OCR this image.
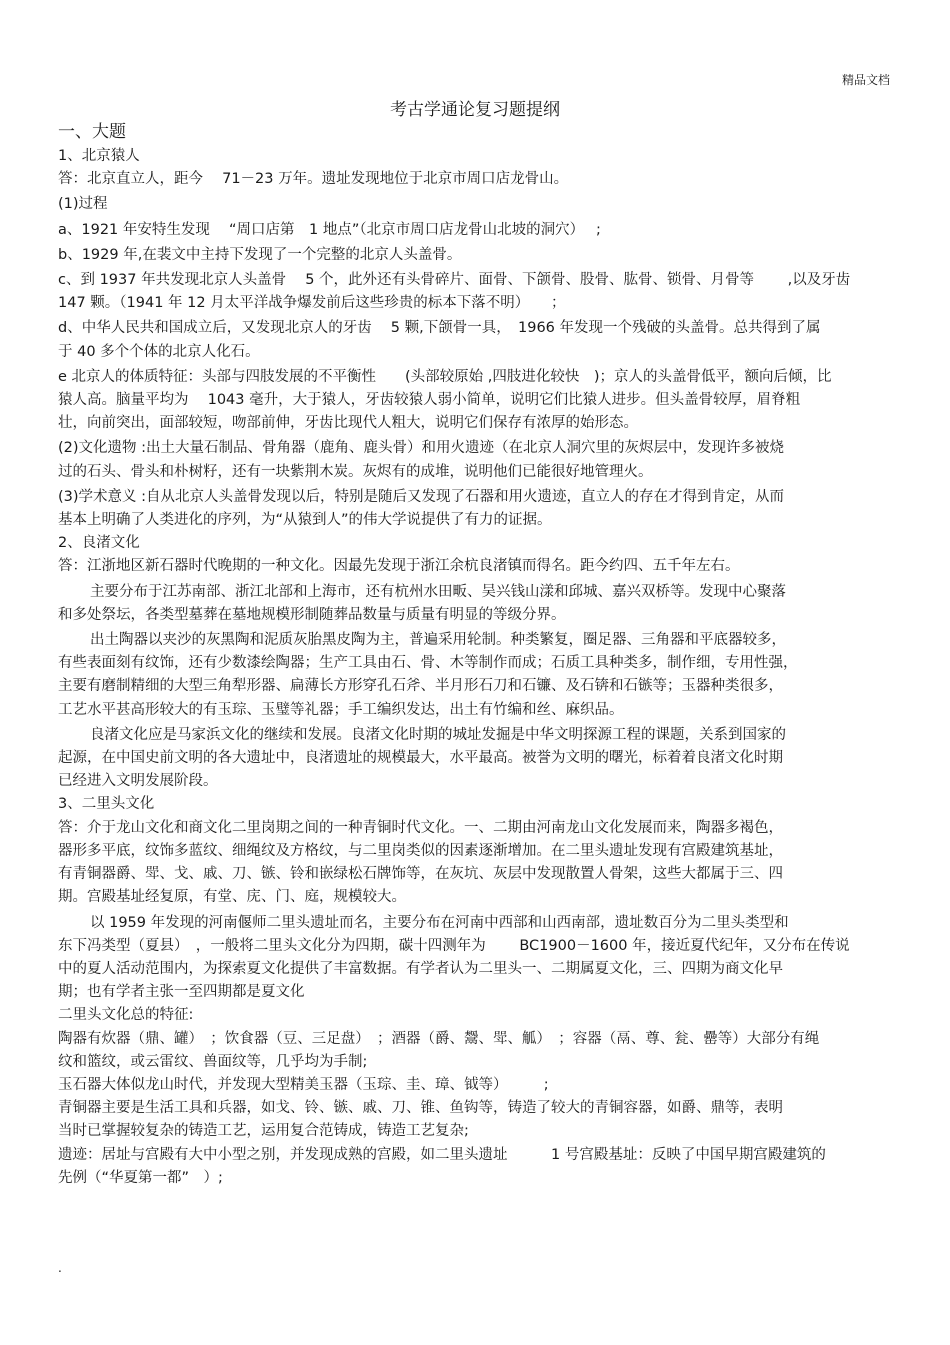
精品文档
考古学通论复习题提纲
一、大题
1、北京猿人
答：北京直立人，距今　 71－23 万年。遗址发现地位于北京市周口店龙骨山。
(1)过程
a、1921 年安特生发现　 “周口店第　1 地点”（北京市周口店龙骨山北坡的洞穴）　 ;
b、1929 年,在裴文中主持下发现了一个完整的北京人头盖骨。
c、到 1937 年共发现北京人头盖骨　 5 个，此外还有头骨碎片、面骨、下颌骨、股骨、肱骨、锁骨、月骨等　　 ,以及牙齿
147 颗。（1941 年 12 月太平洋战争爆发前后这些珍贵的标本下落不明）　　；
d、中华人民共和国成立后，又发现北京人的牙齿　 5 颗,下颌骨一具，　1966 年发现一个残破的头盖骨。总共得到了属
于 40 多个个体的北京人化石。
e 北京人的体质特征：头部与四肢发展的不平衡性　　(头部较原始 ,四肢进化较快　)；京人的头盖骨低平，额向后倾，比
猿人高。脑量平均为　 1043 毫升，大于猿人，牙齿较猿人弱小简单，说明它们比猿人进步。但头盖骨较厚，眉脊粗
壮，向前突出，面部较短，吻部前伸，牙齿比现代人粗大，说明它们保存有浓厚的始形态。
(2)文化遗物 :出土大量石制品、骨角器（鹿角、鹿头骨）和用火遗迹（在北京人洞穴里的灰烬层中，发现许多被烧
过的石头、骨头和朴树籽，还有一块紫荆木炭。灰烬有的成堆，说明他们已能很好地管理火。
(3)学术意义 :自从北京人头盖骨发现以后，特别是随后又发现了石器和用火遗迹，直立人的存在才得到肯定，从而
基本上明确了人类进化的序列，为“从猿到人”的伟大学说提供了有力的证据。
2、良渚文化
答：江浙地区新石器时代晚期的一种文化。因最先发现于浙江余杭良渚镇而得名。距今约四、五千年左右。
主要分布于江苏南部、浙江北部和上海市，还有杭州水田畈、吴兴钱山漾和邱城、嘉兴双桥等。发现中心聚落
和多处祭坛，各类型墓葬在墓地规模形制随葬品数量与质量有明显的等级分界。
出土陶器以夹沙的灰黑陶和泥质灰胎黑皮陶为主，普遍采用轮制。种类繁复，圈足器、三角器和平底器较多，
有些表面刻有纹饰，还有少数漆绘陶器；生产工具由石、骨、木等制作而成；石质工具种类多，制作细，专用性强，
主要有磨制精细的大型三角犁形器、扁薄长方形穿孔石斧、半月形石刀和石镰、及石锛和石镞等；玉器种类很多，
工艺水平甚高形较大的有玉琮、玉璧等礼器；手工编织发达，出土有竹编和丝、麻织品。
良渚文化应是马家浜文化的继续和发展。良渚文化时期的城址发掘是中华文明探源工程的课题，关系到国家的
起源，在中国史前文明的各大遗址中，良渚遗址的规模最大，水平最高。被誉为文明的曙光，标着着良渚文化时期
已经进入文明发展阶段。
3、二里头文化
答：介于龙山文化和商文化二里岗期之间的一种青铜时代文化。一、二期由河南龙山文化发展而来，陶器多褐色，
器形多平底，纹饰多蓝纹、细绳纹及方格纹，与二里岗类似的因素逐渐增加。在二里头遗址发现有宫殿建筑基址，
有青铜器爵、斝、戈、戚、刀、镞、铃和嵌绿松石牌饰等，在灰坑、灰层中发现散置人骨架，这些大都属于三、四
期。宫殿基址经复原，有堂、庑、门、庭，规模较大。
以 1959 年发现的河南偃师二里头遗址而名，主要分布在河南中西部和山西南部，遗址数百分为二里头类型和
东下冯类型（夏县）　，一般将二里头文化分为四期，碳十四测年为　　 BC1900－1600 年，接近夏代纪年，又分布在传说
中的夏人活动范围内，为探索夏文化提供了丰富数据。有学者认为二里头一、二期属夏文化，三、四期为商文化早
期；也有学者主张一至四期都是夏文化
二里头文化总的特征:
陶器有炊器（鼎、罐）　；饮食器（豆、三足盘）　；酒器（爵、鬶、斝、觚）　；容器（鬲、尊、瓮、罍等）大部分有绳
纹和篮纹，或云雷纹、兽面纹等，几乎均为手制;
玉石器大体似龙山时代，并发现大型精美玉器（玉琮、圭、璋、钺等）　　　;
青铜器主要是生活工具和兵器，如戈、铃、镞、戚、刀、锥、鱼钩等，铸造了较大的青铜容器，如爵、鼎等，表明
当时已掌握较复杂的铸造工艺，运用复合范铸成，铸造工艺复杂;
遗迹：居址与宫殿有大中小型之别，并发现成熟的宫殿，如二里头遗址　　　1 号宫殿基址：反映了中国早期宫殿建筑的
先例（“华夏第一都”　）;
.
